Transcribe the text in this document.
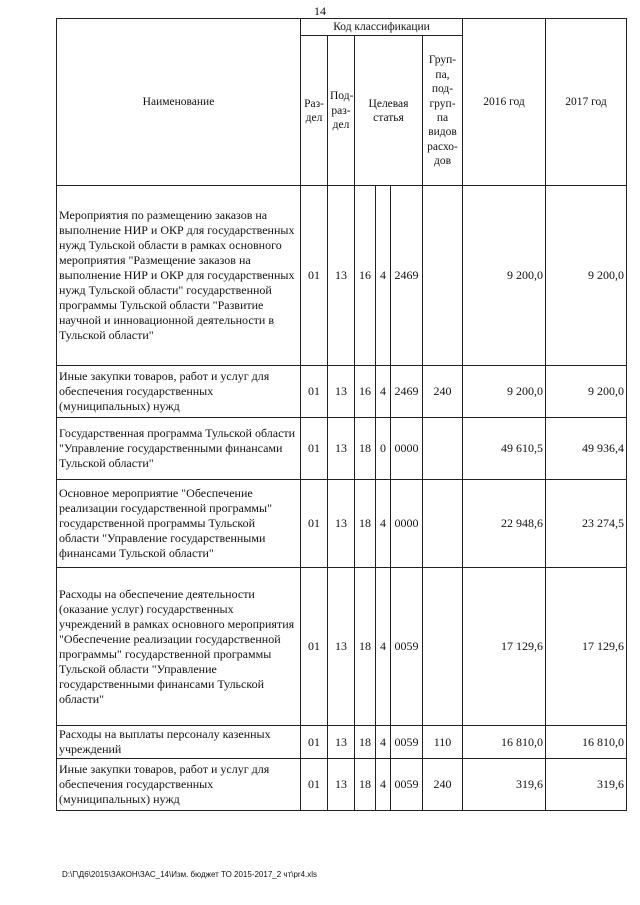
14
Наименование	Код классификации						2016 год	2017 год
	Раз-дел	Под-раз-дел	Целевая статья			Груп-па, под-груп-па видов расхо-дов		
Мероприятия по размещению заказов на выполнение НИР и ОКР для государственных нужд Тульской области в рамках основного мероприятия "Размещение заказов на выполнение НИР и ОКР для государственных нужд Тульской области" государственной программы Тульской области "Развитие научной и инновационной деятельности в Тульской области"	01	13	16	4	2469		9 200,0	9 200,0
Иные закупки товаров, работ и услуг для обеспечения государственных (муниципальных) нужд	01	13	16	4	2469	240	9 200,0	9 200,0
Государственная программа Тульской области "Управление государственными финансами Тульской области"	01	13	18	0	0000		49 610,5	49 936,4
Основное мероприятие "Обеспечение реализации государственной программы" государственной программы Тульской области "Управление государственными финансами Тульской области"	01	13	18	4	0000		22 948,6	23 274,5
Расходы на обеспечение деятельности (оказание услуг) государственных учреждений в рамках основного мероприятия "Обеспечение реализации государственной программы" государственной программы Тульской области "Управление государственными финансами Тульской области"	01	13	18	4	0059		17 129,6	17 129,6
Расходы на выплаты персоналу казенных учреждений	01	13	18	4	0059	110	16 810,0	16 810,0
Иные закупки товаров, работ и услуг для обеспечения государственных (муниципальных) нужд	01	13	18	4	0059	240	319,6	319,6
D:\Г\Д6\2015\ЗАКОН\ЗАС_14\Изм. бюджет ТО 2015-2017_2 чт\pr4.xls
